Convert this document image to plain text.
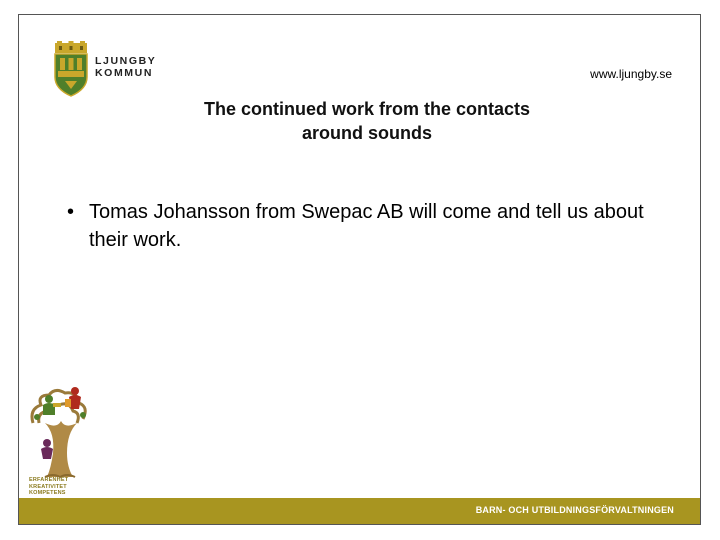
LJUNGBY
KOMMUN	www.ljungby.se
The continued work from the contacts
around sounds
• Tomas Johansson from Swepac AB will come and tell us about their work.
ERFARENHET
KREATIVITET
KOMPETENS
BARN- OCH UTBILDNINGSFÖRVALTNINGEN
